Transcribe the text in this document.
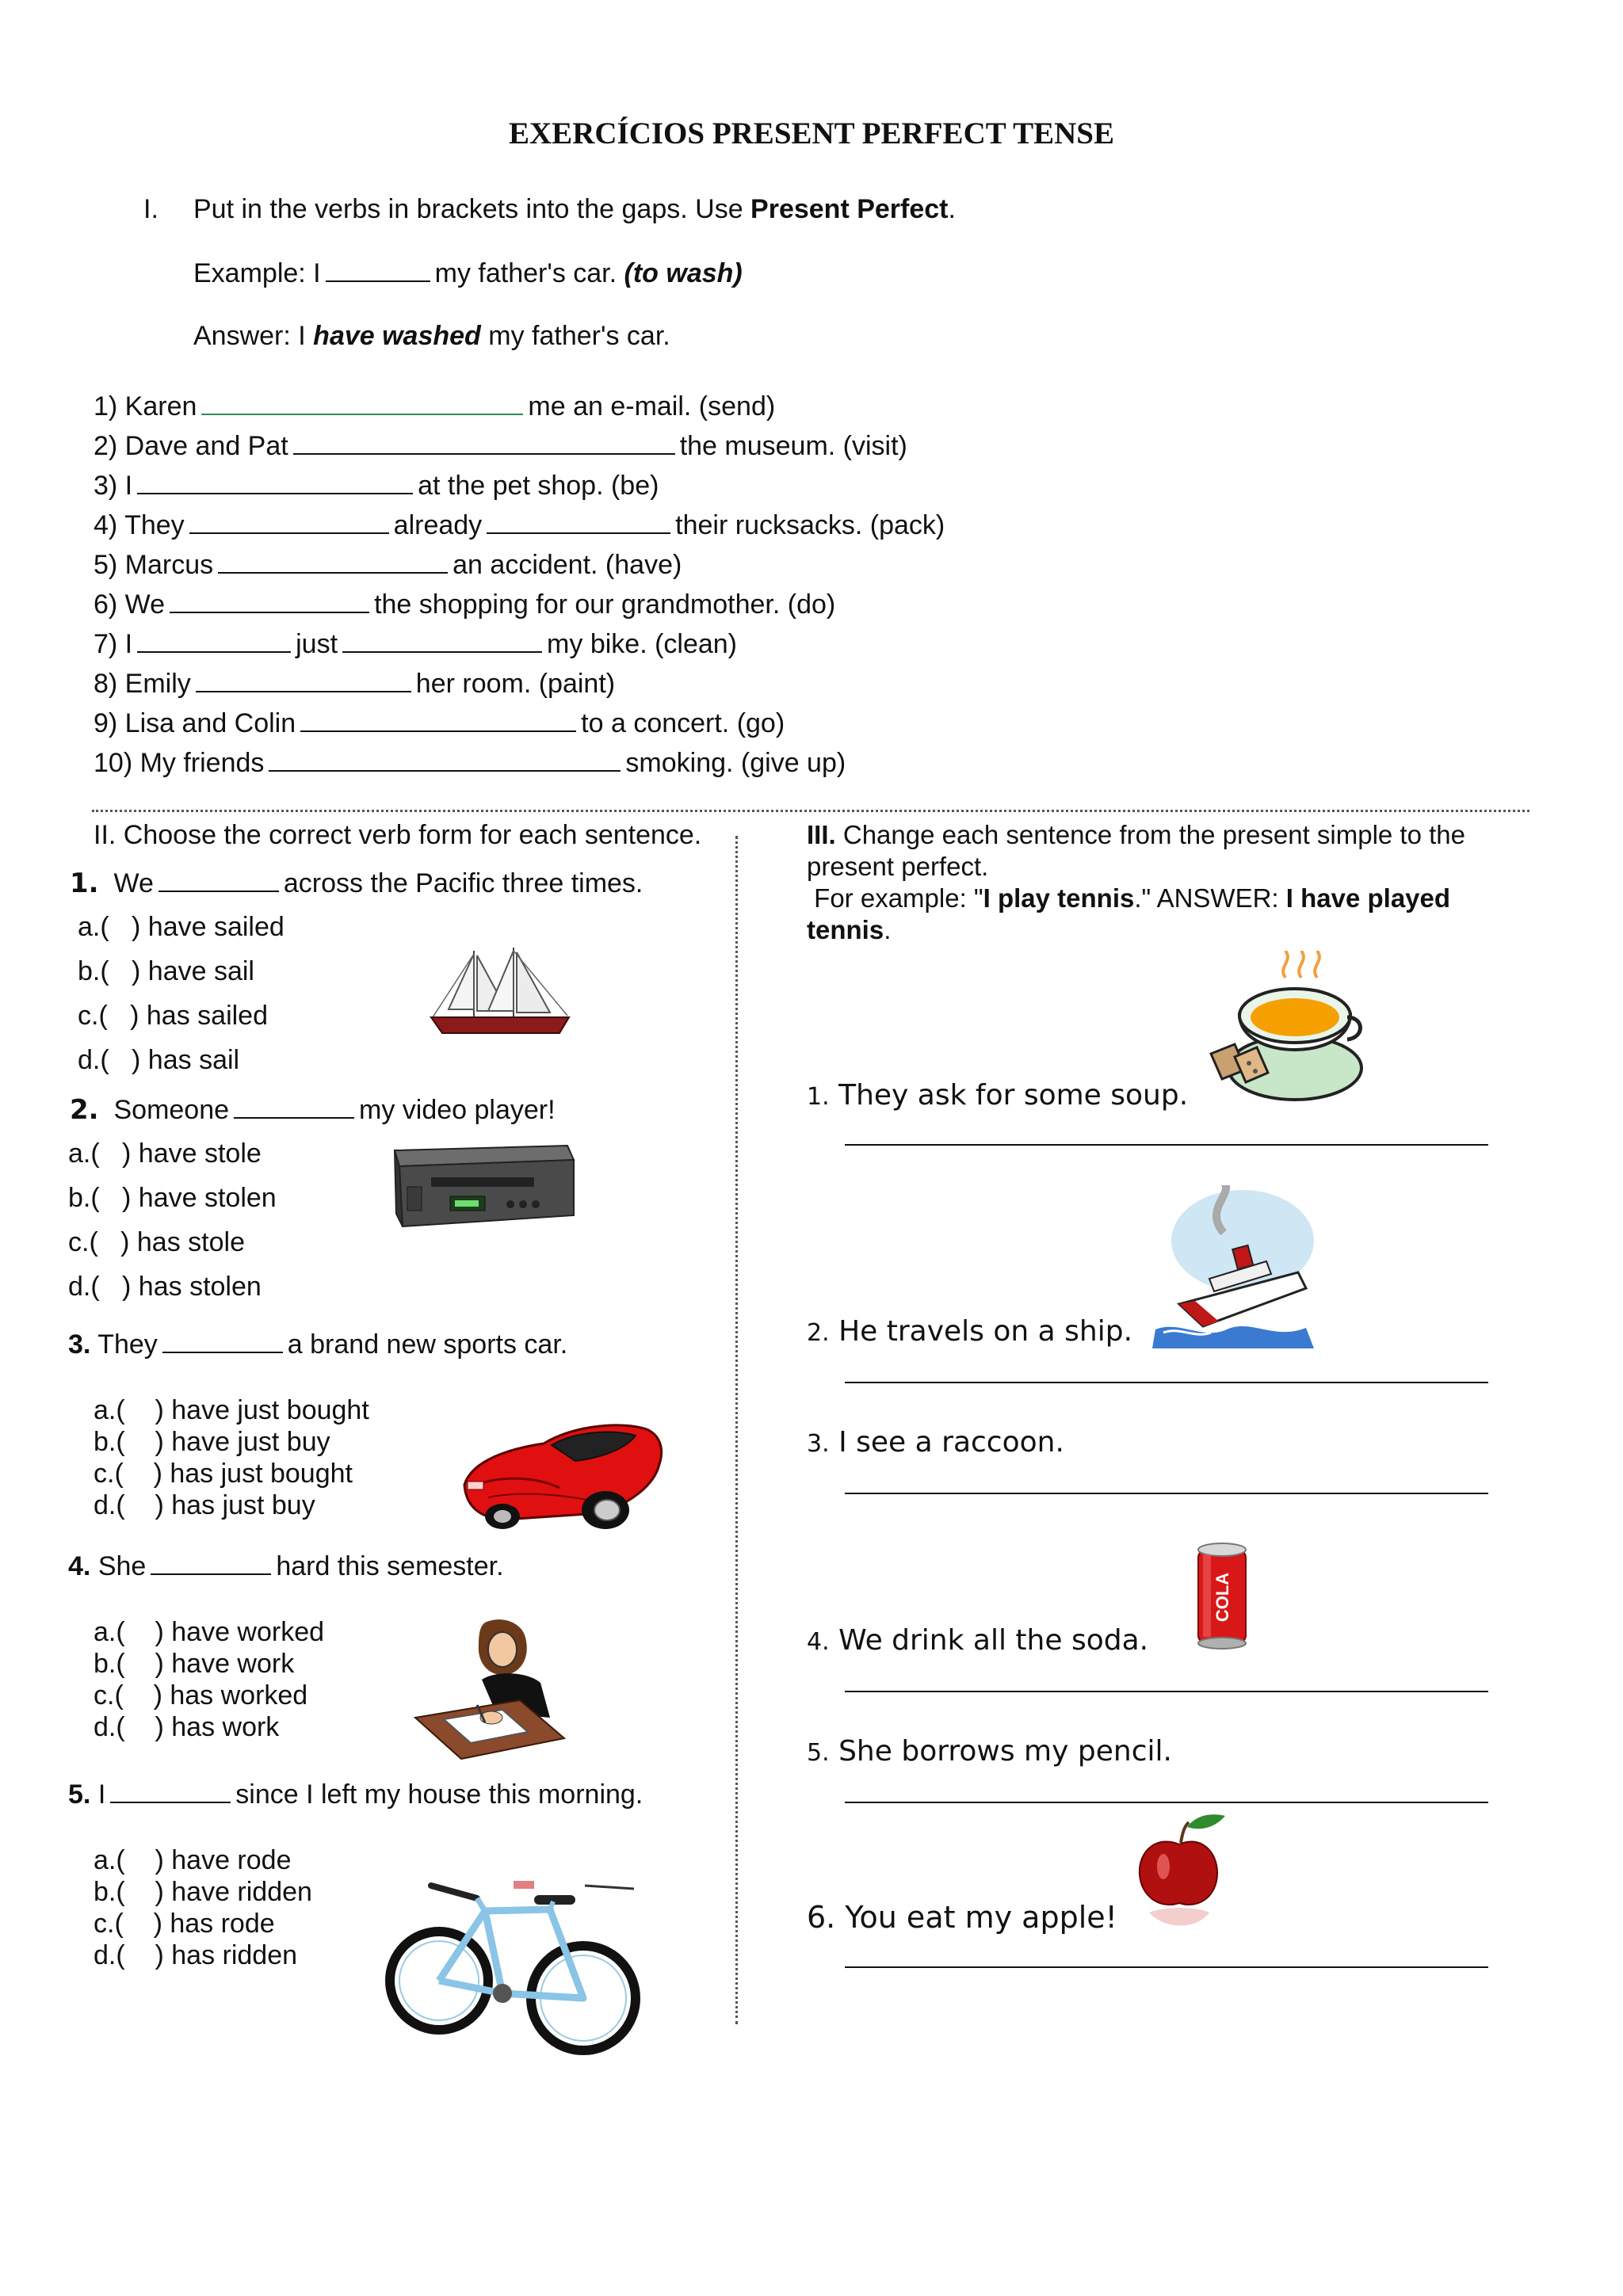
EXERCÍCIOS PRESENT PERFECT TENSE
I. Put in the verbs in brackets into the gaps. Use Present Perfect.
Example: I	my father's car. (to wash)
Answer: I have washed my father's car.
1) Karen	me an e-mail. (send)
2) Dave and Pat	the museum. (visit)
3) I	at the pet shop. (be)
4) They	already	their rucksacks. (pack)
5) Marcus	an accident. (have)
6) We	the shopping for our grandmother. (do)
7) I	just	my bike. (clean)
8) Emily	her room. (paint)
9) Lisa and Colin	to a concert. (go)
10) My friends	smoking. (give up)
II. Choose the correct verb form for each sentence.
1. We	across the Pacific three times.
a.( ) have sailed
b.( ) have sail
c.( ) has sailed
d.( ) has sail
2. Someone	my video player!
a.( ) have stole
b.( ) have stolen
c.( ) has stole
d.( ) has stolen
3. They	a brand new sports car.
a.( ) have just bought
b.( ) have just buy
c.( ) has just bought
d.( ) has just buy
4. She	hard this semester.
a.( ) have worked
b.( ) have work
c.( ) has worked
d.( ) has work
5. I	since I left my house this morning.
a.( ) have rode
b.( ) have ridden
c.( ) has rode
d.( ) has ridden
III. Change each sentence from the present simple to the present perfect.
For example: "I play tennis." ANSWER: I have played tennis.
1. They ask for some soup.
2. He travels on a ship.
3. I see a raccoon.
COLA
4. We drink all the soda.
5. She borrows my pencil.
6. You eat my apple!
